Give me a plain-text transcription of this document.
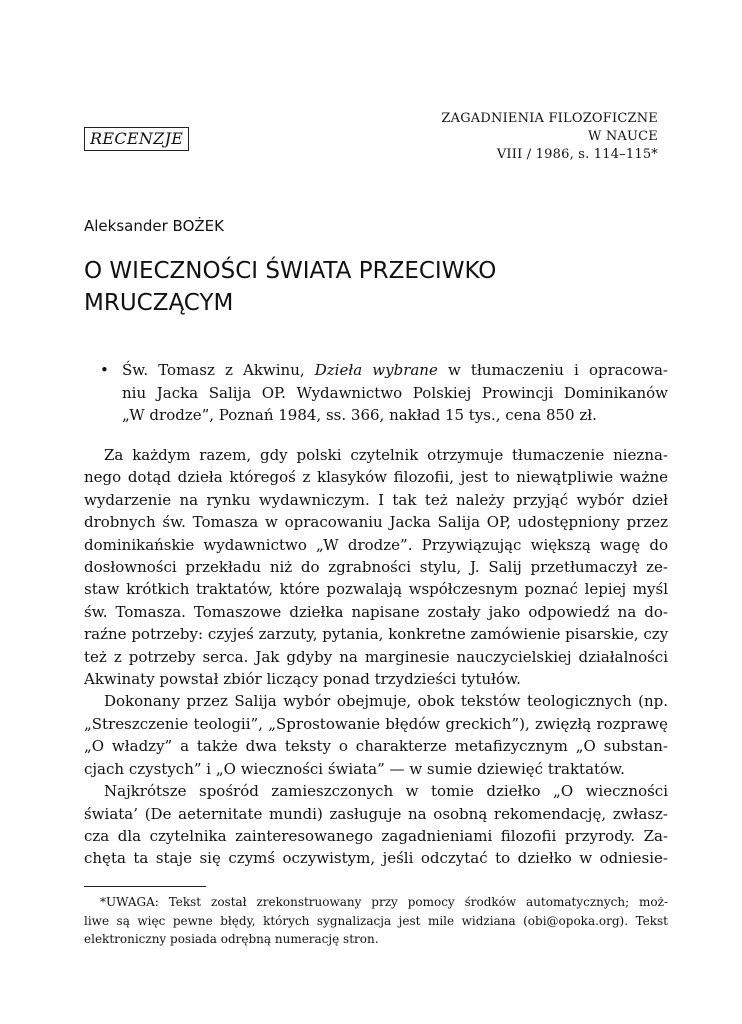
RECENZJE
ZAGADNIENIA FILOZOFICZNE
W NAUCE
VIII / 1986, s. 114–115*
Aleksander BOŻEK
O WIECZNOŚCI ŚWIATA PRZECIWKO MRUCZĄCYM
• Św. Tomasz z Akwinu, Dzieła wybrane w tłumaczeniu i opracowa-
niu Jacka Salija OP. Wydawnictwo Polskiej Prowincji Dominikanów
„W drodze”, Poznań 1984, ss. 366, nakład 15 tys., cena 850 zł.
Za każdym razem, gdy polski czytelnik otrzymuje tłumaczenie niezna-
nego dotąd dzieła któregoś z klasyków filozofii, jest to niewątpliwie ważne
wydarzenie na rynku wydawniczym. I tak też należy przyjąć wybór dzieł
drobnych św. Tomasza w opracowaniu Jacka Salija OP, udostępniony przez
dominikańskie wydawnictwo „W drodze”. Przywiązując większą wagę do
dosłowności przekładu niż do zgrabności stylu, J. Salij przetłumaczył ze-
staw krótkich traktatów, które pozwalają współczesnym poznać lepiej myśl
św. Tomasza. Tomaszowe dziełka napisane zostały jako odpowiedź na do-
raźne potrzeby: czyjeś zarzuty, pytania, konkretne zamówienie pisarskie, czy
też z potrzeby serca. Jak gdyby na marginesie nauczycielskiej działalności
Akwinaty powstał zbiór liczący ponad trzydzieści tytułów.
Dokonany przez Salija wybór obejmuje, obok tekstów teologicznych (np.
„Streszczenie teologii”, „Sprostowanie błędów greckich”), zwięzłą rozprawę
„O władzy” a także dwa teksty o charakterze metafizycznym „O substan-
cjach czystych” i „O wieczności świata” — w sumie dziewięć traktatów.
Najkrótsze spośród zamieszczonych w tomie dziełko „O wieczności
świata’ (De aeternitate mundi) zasługuje na osobną rekomendację, zwłasz-
cza dla czytelnika zainteresowanego zagadnieniami filozofii przyrody. Za-
chęta ta staje się czymś oczywistym, jeśli odczytać to dziełko w odniesie-
*UWAGA: Tekst został zrekonstruowany przy pomocy środków automatycznych; moż-
liwe są więc pewne błędy, których sygnalizacja jest mile widziana (obi@opoka.org). Tekst
elektroniczny posiada odrębną numerację stron.
